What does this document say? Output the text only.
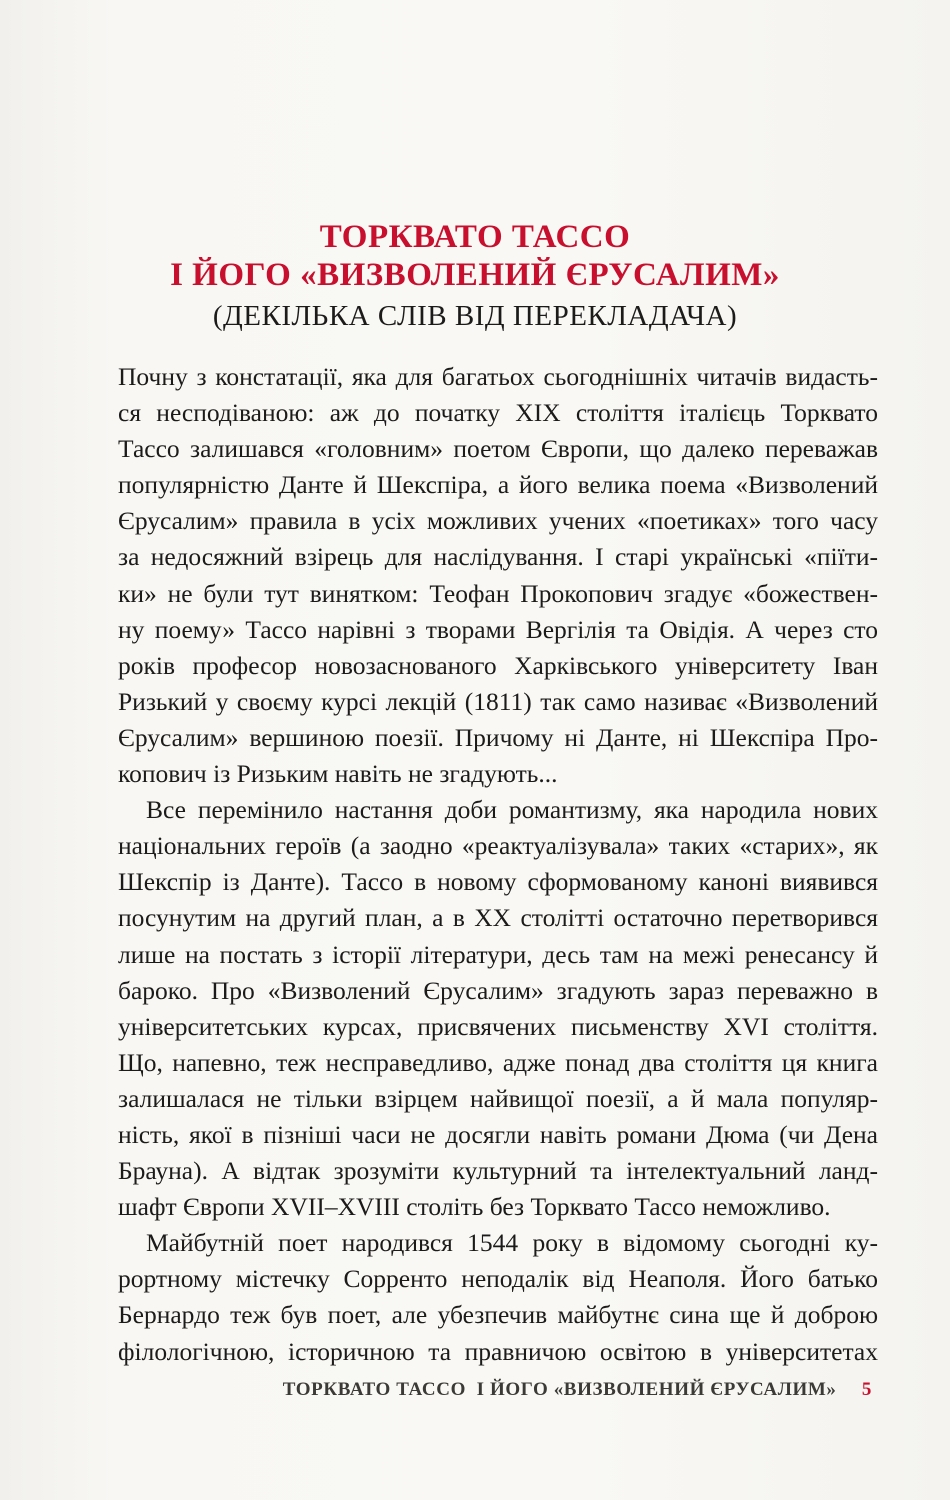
ТОРКВАТО ТАССО
І ЙОГО «ВИЗВОЛЕНИЙ ЄРУСАЛИМ»
(ДЕКІЛЬКА СЛІВ ВІД ПЕРЕКЛАДАЧА)
Почну з констатації, яка для багатьох сьогоднішніх читачів видасть-
ся несподіваною: аж до початку XIX століття італієць Торквато
Тассо залишався «головним» поетом Європи, що далеко переважав
популярністю Данте й Шекспіра, а його велика поема «Визволений
Єрусалим» правила в усіх можливих учених «поетиках» того часу
за недосяжний взірець для наслідування. І старі українські «піїти-
ки» не були тут винятком: Теофан Прокопович згадує «божествен-
ну поему» Тассо нарівні з творами Вергілія та Овідія. А через сто
років професор новозаснованого Харківського університету Іван
Ризький у своєму курсі лекцій (1811) так само називає «Визволений
Єрусалим» вершиною поезії. Причому ні Данте, ні Шекспіра Про-
копович із Ризьким навіть не згадують...
Все перемінило настання доби романтизму, яка народила нових
національних героїв (а заодно «реактуалізувала» таких «старих», як
Шекспір із Данте). Тассо в новому сформованому каноні виявився
посунутим на другий план, а в XX столітті остаточно перетворився
лише на постать з історії літератури, десь там на межі ренесансу й
бароко. Про «Визволений Єрусалим» згадують зараз переважно в
університетських курсах, присвячених письменству XVI століття.
Що, напевно, теж несправедливо, адже понад два століття ця книга
залишалася не тільки взірцем найвищої поезії, а й мала популяр-
ність, якої в пізніші часи не досягли навіть романи Дюма (чи Дена
Брауна). А відтак зрозуміти культурний та інтелектуальний ланд-
шафт Європи XVII–XVIII століть без Торквато Тассо неможливо.
Майбутній поет народився 1544 року в відомому сьогодні ку-
рортному містечку Сорренто неподалік від Неаполя. Його батько
Бернардо теж був поет, але убезпечив майбутнє сина ще й доброю
філологічною, історичною та правничою освітою в університетах
ТОРКВАТО ТАССО  І ЙОГО «ВИЗВОЛЕНИЙ ЄРУСАЛИМ» 5
